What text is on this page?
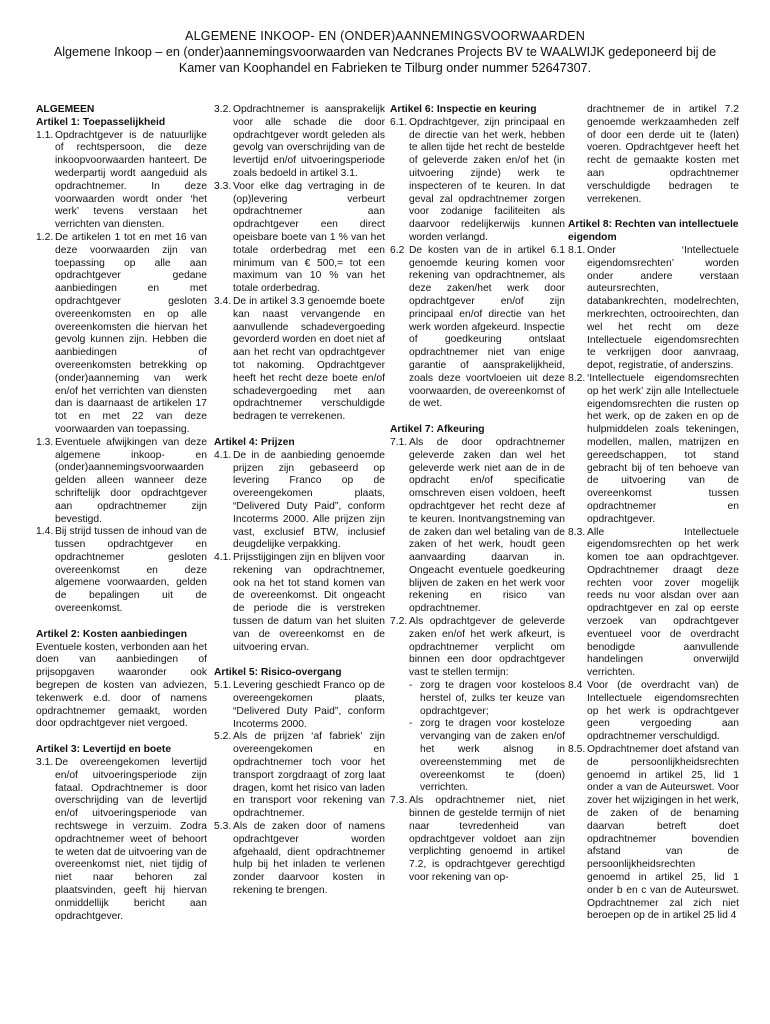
ALGEMENE INKOOP- EN (ONDER)AANNEMINGSVOORWAARDEN
Algemene Inkoop – en (onder)aannemingsvoorwaarden van Nedcranes Projects BV te WAALWIJK gedeponeerd bij de
Kamer van Koophandel en Fabrieken te Tilburg onder nummer 52647307.

ALGEMEEN

Artikel 1: Toepasselijkheid

1.1. Opdrachtgever is de natuurlijke of rechtspersoon, die deze inkoopvoorwaarden hanteert. De wederpartij wordt aangeduid als opdrachtnemer. In deze voorwaarden wordt onder ‘het werk’ tevens verstaan het verrichten van diensten.
1.2. De artikelen 1 tot en met 16 van deze voorwaarden zijn van toepassing op alle aan opdrachtgever gedane aanbiedingen en met opdrachtgever gesloten overeenkomsten en op alle overeenkomsten die hiervan het gevolg kunnen zijn. Hebben die aanbiedingen of overeenkomsten betrekking op (onder)aanneming van werk en/of het verrichten van diensten dan is daarnaast de artikelen 17 tot en met 22 van deze voorwaarden van toepassing.
1.3. Eventuele afwijkingen van deze algemene inkoop- en (onder)aannemingsvoorwaarden gelden alleen wanneer deze schriftelijk door opdrachtgever aan opdrachtnemer zijn bevestigd.
1.4. Bij strijd tussen de inhoud van de tussen opdrachtgever en opdrachtnemer gesloten overeenkomst en deze algemene voorwaarden, gelden de bepalingen uit de overeenkomst.

Artikel 2: Kosten aanbiedingen

Eventuele kosten, verbonden aan het doen van aanbiedingen of prijsopgaven waaronder ook begrepen de kosten van adviezen, tekenwerk e.d. door of namens opdrachtnemer gemaakt, worden door opdrachtgever niet vergoed.

Artikel 3: Levertijd en boete

3.1. De overeengekomen levertijd en/of uitvoeringsperiode zijn fataal. Opdrachtnemer is door overschrijding van de levertijd en/of uitvoeringsperiode van rechtswege in verzuim. Zodra opdrachtnemer weet of behoort te weten dat de uitvoering van de overeenkomst niet, niet tijdig of niet naar behoren zal plaatsvinden, geeft hij hiervan onmiddellijk bericht aan opdrachtgever.
3.2. Opdrachtnemer is aansprakelijk voor alle schade die door opdrachtgever wordt geleden als gevolg van overschrijding van de levertijd en/of uitvoeringsperiode zoals bedoeld in artikel 3.1.
3.3. Voor elke dag vertraging in de (op)levering verbeurt opdrachtnemer aan opdrachtgever een direct opeisbare boete van 1 % van het totale orderbedrag met een minimum van € 500,= tot een maximum van 10 % van het totale orderbedrag.
3.4. De in artikel 3.3 genoemde boete kan naast vervangende en aanvullende schadevergoeding gevorderd worden en doet niet af aan het recht van opdrachtgever tot nakoming. Opdrachtgever heeft het recht deze boete en/of schadevergoeding met aan opdrachtnemer verschuldigde bedragen te verrekenen.

Artikel 4: Prijzen

4.1. De in de aanbieding genoemde prijzen zijn gebaseerd op levering Franco op de overeengekomen plaats, “Delivered Duty Paid”, conform Incoterms 2000. Alle prijzen zijn vast, exclusief BTW, inclusief deugdelijke verpakking.
4.1. Prijsstijgingen zijn en blijven voor rekening van opdrachtnemer, ook na het tot stand komen van de overeenkomst. Dit ongeacht de periode die is verstreken tussen de datum van het sluiten van de overeenkomst en de uitvoering ervan.

Artikel 5: Risico-overgang

5.1. Levering geschiedt Franco op de overeengekomen plaats, “Delivered Duty Paid”, conform Incoterms 2000.
5.2. Als de prijzen ‘af fabriek’ zijn overeengekomen en opdrachtnemer toch voor het transport zorgdraagt of zorg laat dragen, komt het risico van laden en transport voor rekening van opdrachtnemer.
5.3. Als de zaken door of namens opdrachtgever worden afgehaald, dient opdrachtnemer hulp bij het inladen te verlenen zonder daarvoor kosten in rekening te brengen.

Artikel 6: Inspectie en keuring

6.1. Opdrachtgever, zijn principaal en de directie van het werk, hebben te allen tijde het recht de bestelde of geleverde zaken en/of het (in uitvoering zijnde) werk te inspecteren of te keuren. In dat geval zal opdrachtnemer zorgen voor zodanige faciliteiten als daarvoor redelijkerwijs kunnen worden verlangd.
6.2 De kosten van de in artikel 6.1 genoemde keuring komen voor rekening van opdrachtnemer, als deze zaken/het werk door opdrachtgever en/of zijn principaal en/of directie van het werk worden afgekeurd. Inspectie of goedkeuring ontslaat opdrachtnemer niet van enige garantie of aansprakelijkheid, zoals deze voortvloeien uit deze voorwaarden, de overeenkomst of de wet.

Artikel 7: Afkeuring

7.1. Als de door opdrachtnemer geleverde zaken dan wel het geleverde werk niet aan de in de opdracht en/of specificatie omschreven eisen voldoen, heeft opdrachtgever het recht deze af te keuren. Inontvangstneming van de zaken dan wel betaling van de zaken of het werk, houdt geen aanvaarding daarvan in. Ongeacht eventuele goedkeuring blijven de zaken en het werk voor rekening en risico van opdrachtnemer.
7.2. Als opdrachtgever de geleverde zaken en/of het werk afkeurt, is opdrachtnemer verplicht om binnen een door opdrachtgever vast te stellen termijn:
- zorg te dragen voor kosteloos herstel of, zulks ter keuze van opdrachtgever;
- zorg te dragen voor kosteloze vervanging van de zaken en/of het werk alsnog in overeenstemming met de overeenkomst te (doen) verrichten.
7.3. Als opdrachtnemer niet, niet binnen de gestelde termijn of niet naar tevredenheid van opdrachtgever voldoet aan zijn verplichting genoemd in artikel 7.2, is opdrachtgever gerechtigd voor rekening van op-

drachtnemer de in artikel 7.2 genoemde werkzaamheden zelf of door een derde uit te (laten) voeren. Opdrachtgever heeft het recht de gemaakte kosten met aan opdrachtnemer verschuldigde bedragen te verrekenen.

Artikel 8: Rechten van intellectuele eigendom

8.1. Onder ‘Intellectuele eigendomsrechten’ worden onder andere verstaan auteursrechten, databankrechten, modelrechten, merkrechten, octrooirechten, dan wel het recht om deze Intellectuele eigendomsrechten te verkrijgen door aanvraag, depot, registratie, of anderszins.
8.2. ‘Intellectuele eigendomsrechten op het werk’ zijn alle Intellectuele eigendomsrechten die rusten op het werk, op de zaken en op de hulpmiddelen zoals tekeningen, modellen, mallen, matrijzen en gereedschappen, tot stand gebracht bij of ten behoeve van de uitvoering van de overeenkomst tussen opdrachtnemer en opdrachtgever.
8.3. Alle Intellectuele eigendomsrechten op het werk komen toe aan opdrachtgever. Opdrachtnemer draagt deze rechten voor zover mogelijk reeds nu voor alsdan over aan opdrachtgever en zal op eerste verzoek van opdrachtgever eventueel voor de overdracht benodigde aanvullende handelingen onverwijld verrichten.
8.4 Voor (de overdracht van) de Intellectuele eigendomsrechten op het werk is opdrachtgever geen vergoeding aan opdrachtnemer verschuldigd.
8.5. Opdrachtnemer doet afstand van de persoonlijkheidsrechten genoemd in artikel 25, lid 1 onder a van de Auteurswet. Voor zover het wijzigingen in het werk, de zaken of de benaming daarvan betreft doet opdrachtnemer bovendien afstand van de persoonlijkheidsrechten genoemd in artikel 25, lid 1 onder b en c van de Auteurswet. Opdrachtnemer zal zich niet beroepen op de in artikel 25 lid 4
